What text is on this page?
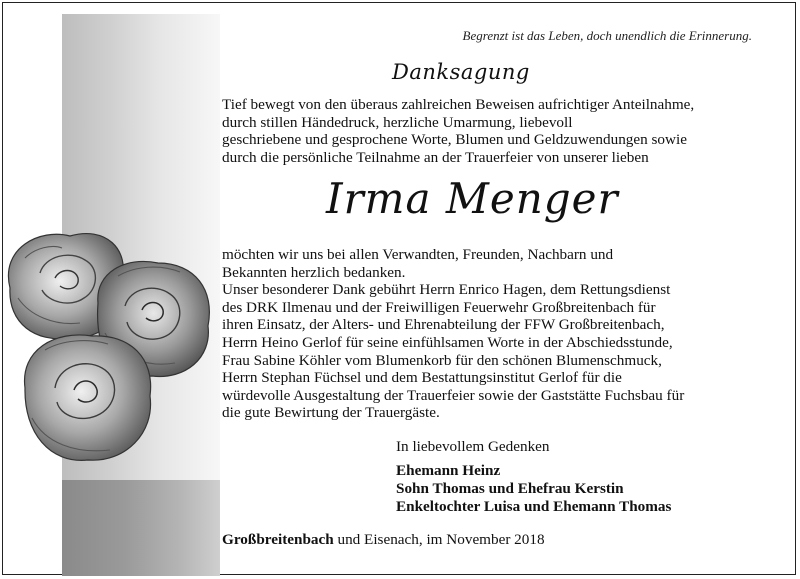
Begrenzt ist das Leben, doch unendlich die Erinnerung.
Danksagung
Tief bewegt von den überaus zahlreichen Beweisen aufrichtiger Anteilnahme,
durch stillen Händedruck, herzliche Umarmung, liebevoll
geschriebene und gesprochene Worte, Blumen und Geldzuwendungen sowie
durch die persönliche Teilnahme an der Trauerfeier von unserer lieben
Irma Menger
möchten wir uns bei allen Verwandten, Freunden, Nachbarn und
Bekannten herzlich bedanken.
Unser besonderer Dank gebührt Herrn Enrico Hagen, dem Rettungsdienst
des DRK Ilmenau und der Freiwilligen Feuerwehr Großbreitenbach für
ihren Einsatz, der Alters- und Ehrenabteilung der FFW Großbreitenbach,
Herrn Heino Gerlof für seine einfühlsamen Worte in der Abschiedsstunde,
Frau Sabine Köhler vom Blumenkorb für den schönen Blumenschmuck,
Herrn Stephan Füchsel und dem Bestattungsinstitut Gerlof für die
würdevolle Ausgestaltung der Trauerfeier sowie der Gaststätte Fuchsbau für
die gute Bewirtung der Trauergäste.
In liebevollem Gedenken
Ehemann Heinz
Sohn Thomas und Ehefrau Kerstin
Enkeltochter Luisa und Ehemann Thomas
Großbreitenbach und Eisenach, im November 2018
